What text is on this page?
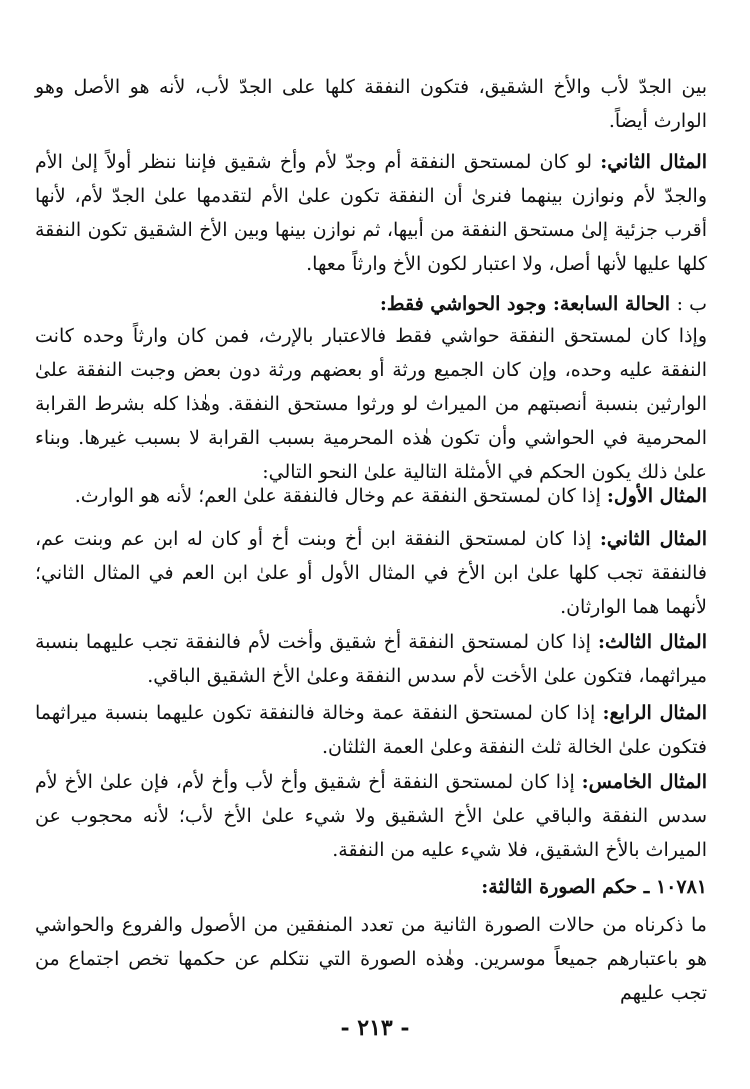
بين الجدّ لأب والأخ الشقيق، فتكون النفقة كلها على الجدّ لأب، لأنه هو الأصل وهو الوارث أيضاً.
المثال الثاني: لو كان لمستحق النفقة أم وجدّ لأم وأخ شقيق فإننا ننظر أولاً إلىٰ الأم والجدّ لأم ونوازن بينهما فنرىٰ أن النفقة تكون علىٰ الأم لتقدمها علىٰ الجدّ لأم، لأنها أقرب جزئية إلىٰ مستحق النفقة من أبيها، ثم نوازن بينها وبين الأخ الشقيق تكون النفقة كلها عليها لأنها أصل، ولا اعتبار لكون الأخ وارثاً معها.
ب : الحالة السابعة: وجود الحواشي فقط:
وإذا كان لمستحق النفقة حواشي فقط فالاعتبار بالإرث، فمن كان وارثاً وحده كانت النفقة عليه وحده، وإن كان الجميع ورثة أو بعضهم ورثة دون بعض وجبت النفقة علىٰ الوارثين بنسبة أنصبتهم من الميراث لو ورثوا مستحق النفقة. وهٰذا كله بشرط القرابة المحرمية في الحواشي وأن تكون هٰذه المحرمية بسبب القرابة لا بسبب غيرها. وبناء علىٰ ذلك يكون الحكم في الأمثلة التالية علىٰ النحو التالي:
المثال الأول: إذا كان لمستحق النفقة عم وخال فالنفقة علىٰ العم؛ لأنه هو الوارث.
المثال الثاني: إذا كان لمستحق النفقة ابن أخ وبنت أخ أو كان له ابن عم وبنت عم، فالنفقة تجب كلها علىٰ ابن الأخ في المثال الأول أو علىٰ ابن العم في المثال الثاني؛ لأنهما هما الوارثان.
المثال الثالث: إذا كان لمستحق النفقة أخ شقيق وأخت لأم فالنفقة تجب عليهما بنسبة ميراثهما، فتكون علىٰ الأخت لأم سدس النفقة وعلىٰ الأخ الشقيق الباقي.
المثال الرابع: إذا كان لمستحق النفقة عمة وخالة فالنفقة تكون عليهما بنسبة ميراثهما فتكون علىٰ الخالة ثلث النفقة وعلىٰ العمة الثلثان.
المثال الخامس: إذا كان لمستحق النفقة أخ شقيق وأخ لأب وأخ لأم، فإن علىٰ الأخ لأم سدس النفقة والباقي علىٰ الأخ الشقيق ولا شيء علىٰ الأخ لأب؛ لأنه محجوب عن الميراث بالأخ الشقيق، فلا شيء عليه من النفقة.
١٠٧٨١ ـ حكم الصورة الثالثة:
ما ذكرناه من حالات الصورة الثانية من تعدد المنفقين من الأصول والفروع والحواشي هو باعتبارهم جميعاً موسرين. وهٰذه الصورة التي نتكلم عن حكمها تخص اجتماع من تجب عليهم
- ٢١٣ -
